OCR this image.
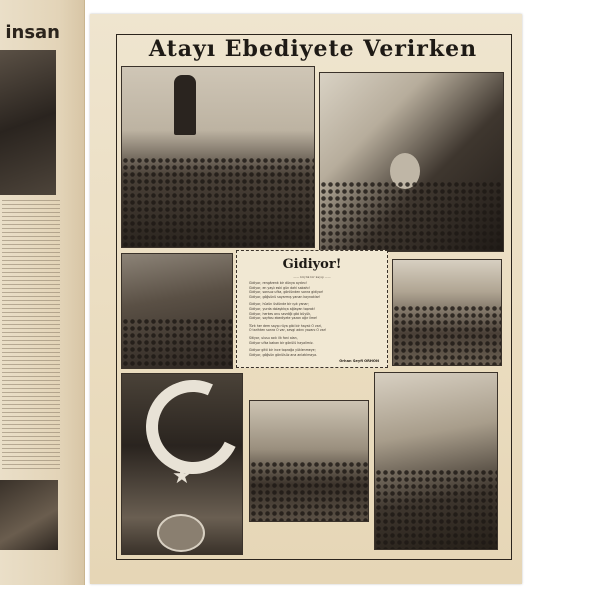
insan
Atayı Ebediyete Verirken
Gidiyor!
—— büyük bir kayıp ——
Gidiyor, rengârenk bir dünya aydını!
Gidiyor, en yaşlı eski gün dahi sabahı!
Gidiyor, sonsuz ufka, gönlünden sonra gidiyor!
Gidiyor, göğsünü sayarmış yanan kaynaklar!
Gidiyor, hüzün üstünde bir ışık yanar;
Gidiyor, yurda dolaştıkça ağlayan toprak!
Gidiyor, herkes onu sevdiği gibi büyük,
Gidiyor, sayfası ebediyete yazan ağır ilme!
Türk her dem sayıp rüya gibi bir hayalı O vari,
O tarihten sonra O var, sevgi adını yazanı O var!
Sitiyor, ulusu acılı ilk fani alan,
Gidiyor ufka bakan bir gönülü hayalimiz.
Gidiyor gitti bir ince toprağa yüklenmeye;
Gidiyor, göğsün gönülsüz ana anlatılmaya.
Orhan Seyfi ORHON
★
